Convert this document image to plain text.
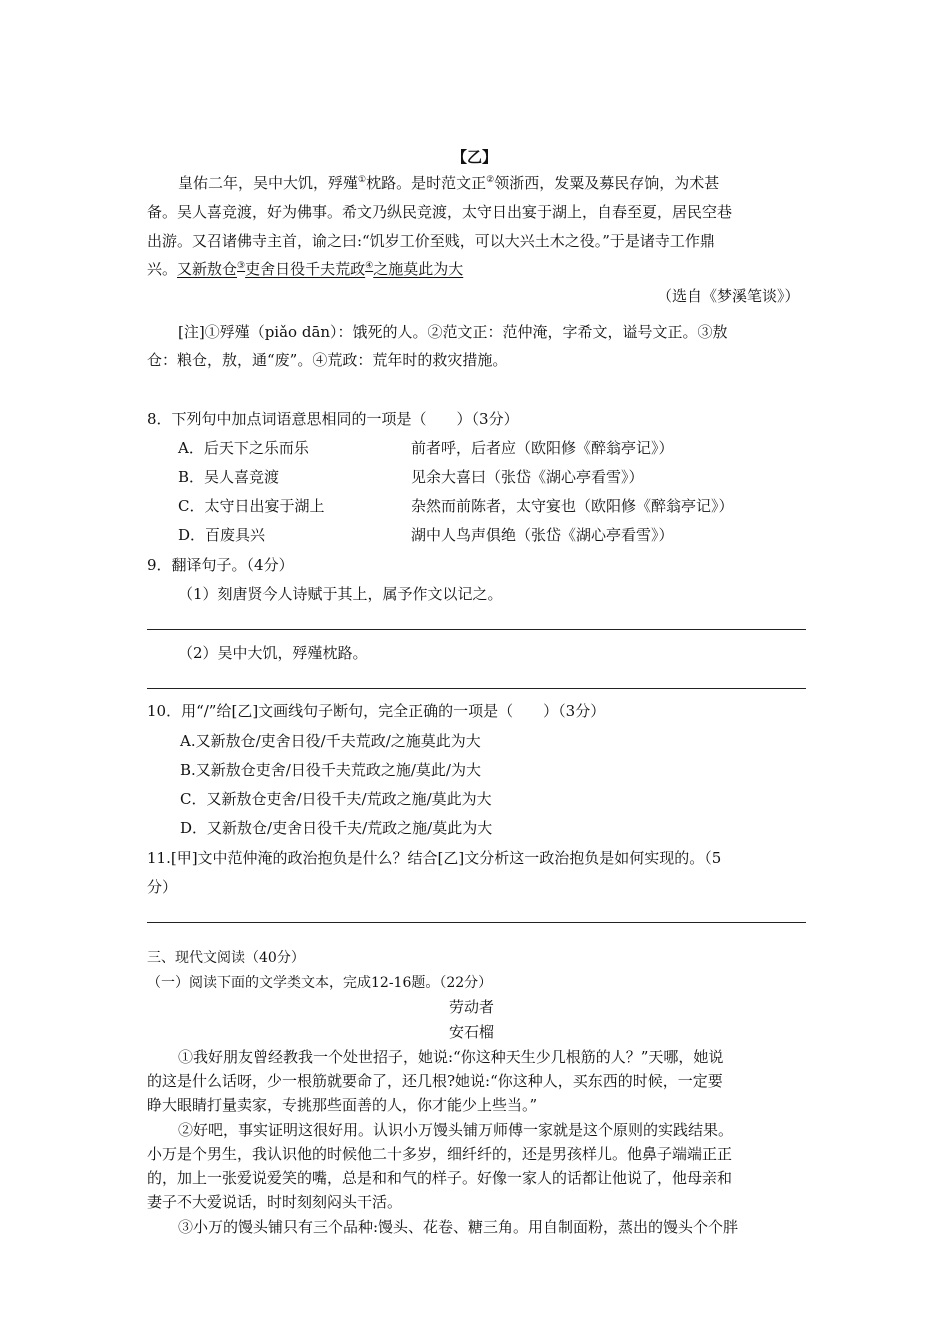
【乙】
皇佑二年，吴中大饥，殍殣①枕路。是时范文正②领浙西，发粟及募民存饷，为术甚
备。吴人喜竞渡，好为佛事。希文乃纵民竞渡，太守日出宴于湖上，自春至夏，居民空巷
出游。又召诸佛寺主首，谕之曰:“饥岁工价至贱，可以大兴土木之役。”于是诸寺工作鼎
兴。又新敖仓③吏舍日役千夫荒政④之施莫此为大
（选自《梦溪笔谈》）
[注]①殍殣（piǎo dān）：饿死的人。②范文正：范仲淹，字希文，谥号文正。③敖
仓：粮仓，敖，通“废”。④荒政：荒年时的救灾措施。
8．下列句中加点词语意思相同的一项是（　　）（3分）
A．后天下之乐而乐	前者呼，后者应（欧阳修《醉翁亭记》）
B．吴人喜竞渡	见余大喜曰（张岱《湖心亭看雪》）
C．太守日出宴于湖上	杂然而前陈者，太守宴也（欧阳修《醉翁亭记》）
D．百废具兴	湖中人鸟声俱绝（张岱《湖心亭看雪》）
9．翻译句子。（4分）
（1）刻唐贤今人诗赋于其上，属予作文以记之。
（2）吴中大饥，殍殣枕路。
10．用“/”给[乙]文画线句子断句，完全正确的一项是（　　）（3分）
A.又新敖仓/吏舍日役/千夫荒政/之施莫此为大
B.又新敖仓吏舍/日役千夫荒政之施/莫此/为大
C．又新敖仓吏舍/日役千夫/荒政之施/莫此为大
D．又新敖仓/吏舍日役千夫/荒政之施/莫此为大
11.[甲]文中范仲淹的政治抱负是什么？结合[乙]文分析这一政治抱负是如何实现的。（5
分）
三、现代文阅读（40分）
（一）阅读下面的文学类文本，完成12-16题。（22分）
劳动者
安石榴
①我好朋友曾经教我一个处世招子，她说:“你这种天生少几根筋的人？”天哪，她说
的这是什么话呀，少一根筋就要命了，还几根?她说:“你这种人，买东西的时候，一定要
睁大眼睛打量卖家，专挑那些面善的人，你才能少上些当。”
②好吧，事实证明这很好用。认识小万馒头铺万师傅一家就是这个原则的实践结果。
小万是个男生，我认识他的时候他二十多岁，细纤纤的，还是男孩样儿。他鼻子端端正正
的，加上一张爱说爱笑的嘴，总是和和气的样子。好像一家人的话都让他说了，他母亲和
妻子不大爱说话，时时刻刻闷头干活。
③小万的馒头铺只有三个品种:馒头、花卷、糖三角。用自制面粉，蒸出的馒头个个胖
